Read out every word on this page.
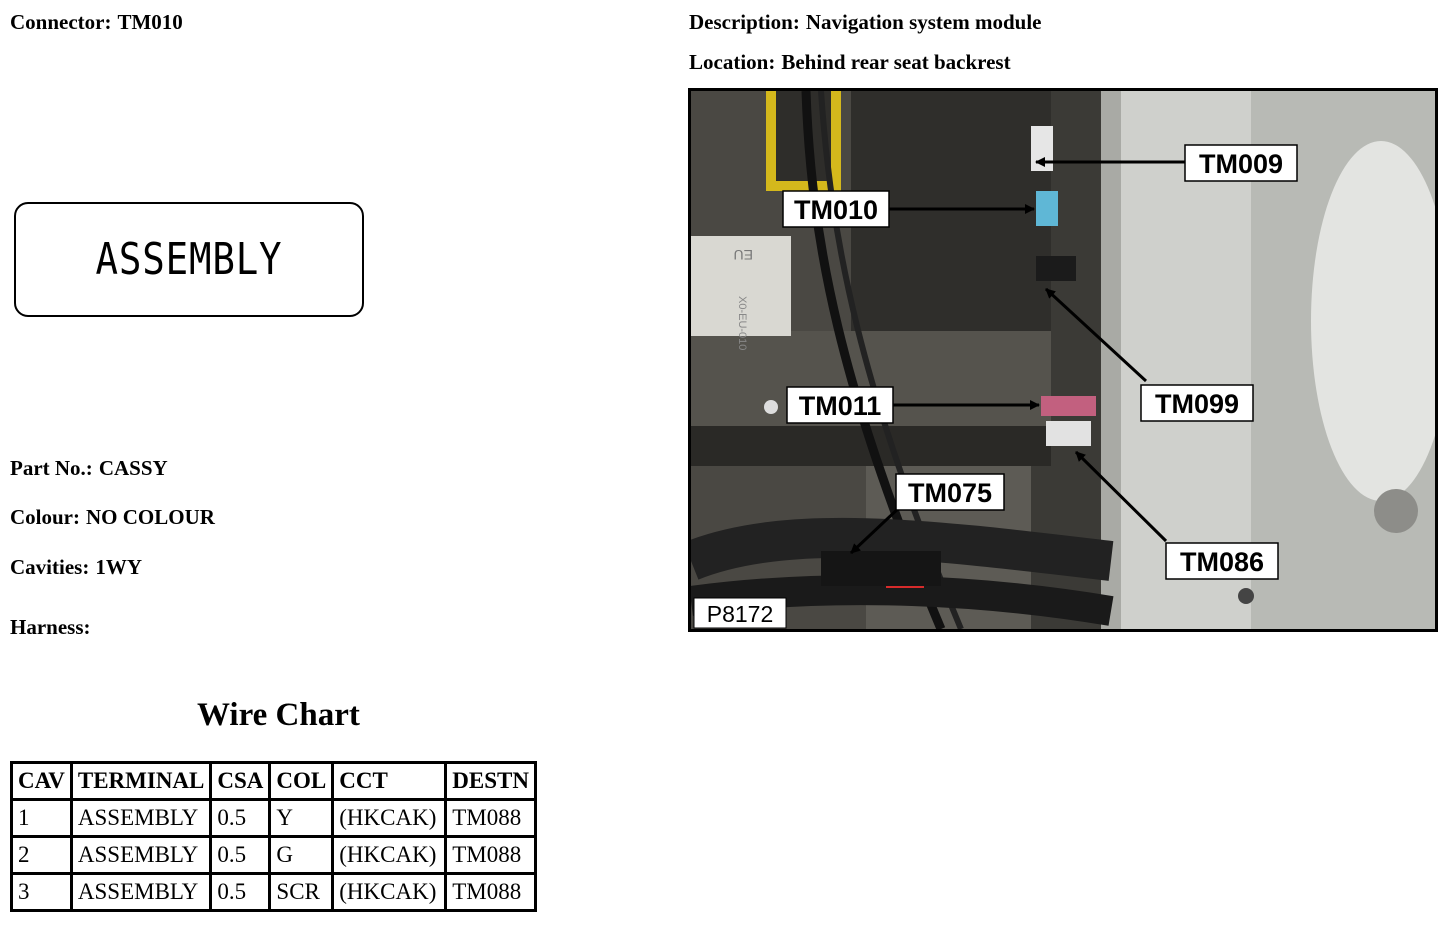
Connector: TM010	Description: Navigation system module
Location: Behind rear seat backrest
ASSEMBLY
Part No.: CASSY
Colour: NO COLOUR
Cavities: 1WY
Harness:
Wire Chart
CAV	TERMINAL	CSA	COL	CCT	DESTN
1	ASSEMBLY	0.5	Y	(HKCAK)	TM088
2	ASSEMBLY	0.5	G	(HKCAK)	TM088
3	ASSEMBLY	0.5	SCR	(HKCAK)	TM088
EU
X0-EU-010
TM009
TM010
TM099
TM011
TM075
TM086
P8172
